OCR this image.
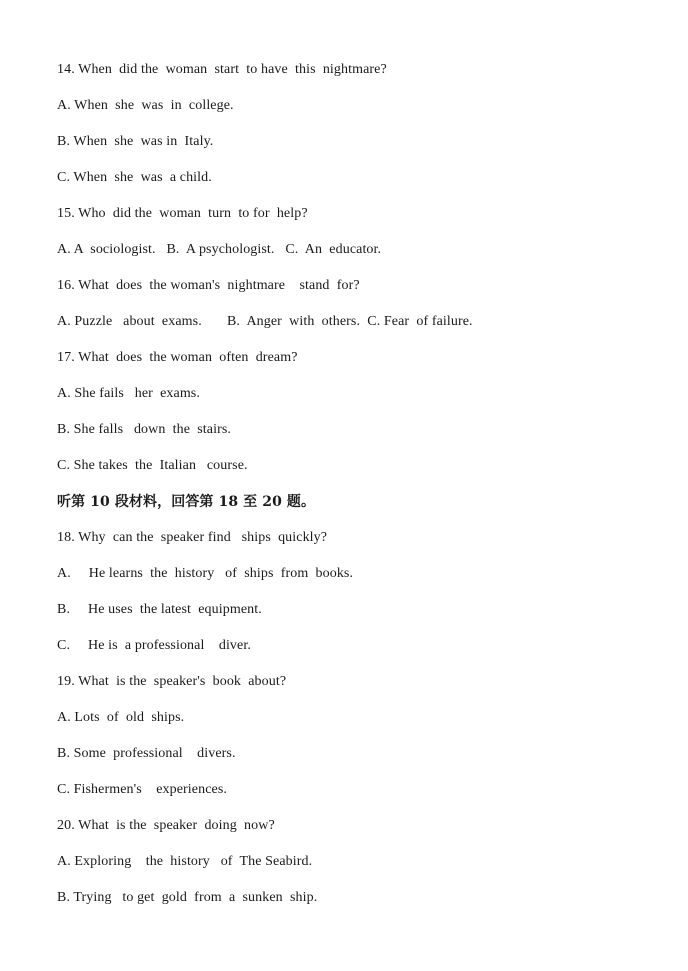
14. When  did the  woman  start  to have  this  nightmare?
A. When  she  was  in  college.
B. When  she  was in  Italy.
C. When  she  was  a child.
15. Who  did the  woman  turn  to for  help?
A. A  sociologist.   B.  A psychologist.   C.  An  educator.
16. What  does  the woman's  nightmare    stand  for?
A. Puzzle   about  exams.       B.  Anger  with  others.  C. Fear  of failure.
17. What  does  the woman  often  dream?
A. She fails   her  exams.
B. She falls   down  the  stairs.
C. She takes  the  Italian   course.
听第 10 段材料，回答第 18 至 20 题。
18. Why  can the  speaker find   ships  quickly?
A.     He learns  the  history   of  ships  from  books.
B.     He uses  the latest  equipment.
C.     He is  a professional    diver.
19. What  is the  speaker's  book  about?
A. Lots  of  old  ships.
B. Some  professional    divers.
C. Fishermen's    experiences.
20. What  is the  speaker  doing  now?
A. Exploring    the  history   of  The Seabird.
B. Trying   to get  gold  from  a  sunken  ship.
